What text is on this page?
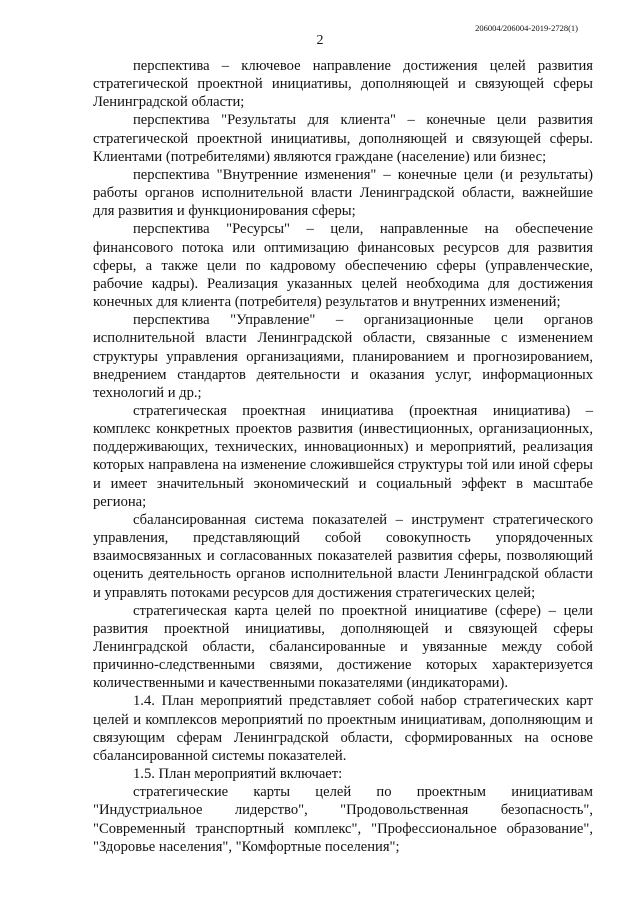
206004/206004-2019-2728(1)
2

перспектива – ключевое направление достижения целей развития стратегической проектной инициативы, дополняющей и связующей сферы Ленинградской области;

перспектива "Результаты для клиента" – конечные цели развития стратегической проектной инициативы, дополняющей и связующей сферы. Клиентами (потребителями) являются граждане (население) или бизнес;

перспектива "Внутренние изменения" – конечные цели (и результаты) работы органов исполнительной власти Ленинградской области, важнейшие для развития и функционирования сферы;

перспектива "Ресурсы" – цели, направленные на обеспечение финансового потока или оптимизацию финансовых ресурсов для развития сферы, а также цели по кадровому обеспечению сферы (управленческие, рабочие кадры). Реализация указанных целей необходима для достижения конечных для клиента (потребителя) результатов и внутренних изменений;

перспектива "Управление" – организационные цели органов исполнительной власти Ленинградской области, связанные с изменением структуры управления организациями, планированием и прогнозированием, внедрением стандартов деятельности и оказания услуг, информационных технологий и др.;

стратегическая проектная инициатива (проектная инициатива) – комплекс конкретных проектов развития (инвестиционных, организационных, поддерживающих, технических, инновационных) и мероприятий, реализация которых направлена на изменение сложившейся структуры той или иной сферы и имеет значительный экономический и социальный эффект в масштабе региона;

сбалансированная система показателей – инструмент стратегического управления, представляющий собой совокупность упорядоченных взаимосвязанных и согласованных показателей развития сферы, позволяющий оценить деятельность органов исполнительной власти Ленинградской области и управлять потоками ресурсов для достижения стратегических целей;

стратегическая карта целей по проектной инициативе (сфере) – цели развития проектной инициативы, дополняющей и связующей сферы Ленинградской области, сбалансированные и увязанные между собой причинно-следственными связями, достижение которых характеризуется количественными и качественными показателями (индикаторами).

1.4. План мероприятий представляет собой набор стратегических карт целей и комплексов мероприятий по проектным инициативам, дополняющим и связующим сферам Ленинградской области, сформированных на основе сбалансированной системы показателей.

1.5. План мероприятий включает:

стратегические карты целей по проектным инициативам "Индустриальное лидерство", "Продовольственная безопасность", "Современный транспортный комплекс", "Профессиональное образование", "Здоровье населения", "Комфортные поселения";
